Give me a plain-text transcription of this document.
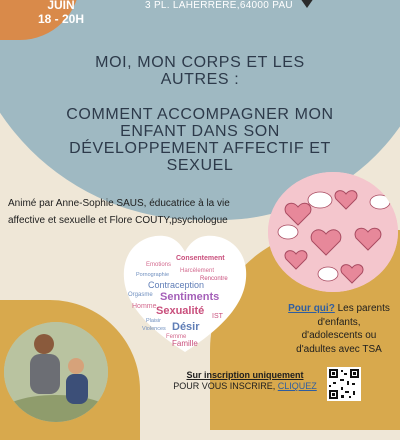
JUIN
18 - 20H
3 PL. LAHERRÈRE,64000 PAU
MOI, MON CORPS ET LES
AUTRES :
COMMENT ACCOMPAGNER MON
ENFANT DANS SON
DÉVELOPPEMENT AFFECTIF ET
SEXUEL
Animé par Anne-Sophie SAUS, éducatrice à la vie
affective et sexuelle et Flore COUTY,psychologue
Emotions
Consentement
Pornographie
Harcèlement
Rencontre
Contraception
Orgasme Sentiments
Homme Sexualité
Plaisir
IST
Violences Désir
Femme
Famille
Pour qui? Les parents
d'enfants,
d'adolescents ou
d'adultes avec TSA
Sur inscription uniquement
POUR VOUS INSCRIRE, CLIQUEZ
